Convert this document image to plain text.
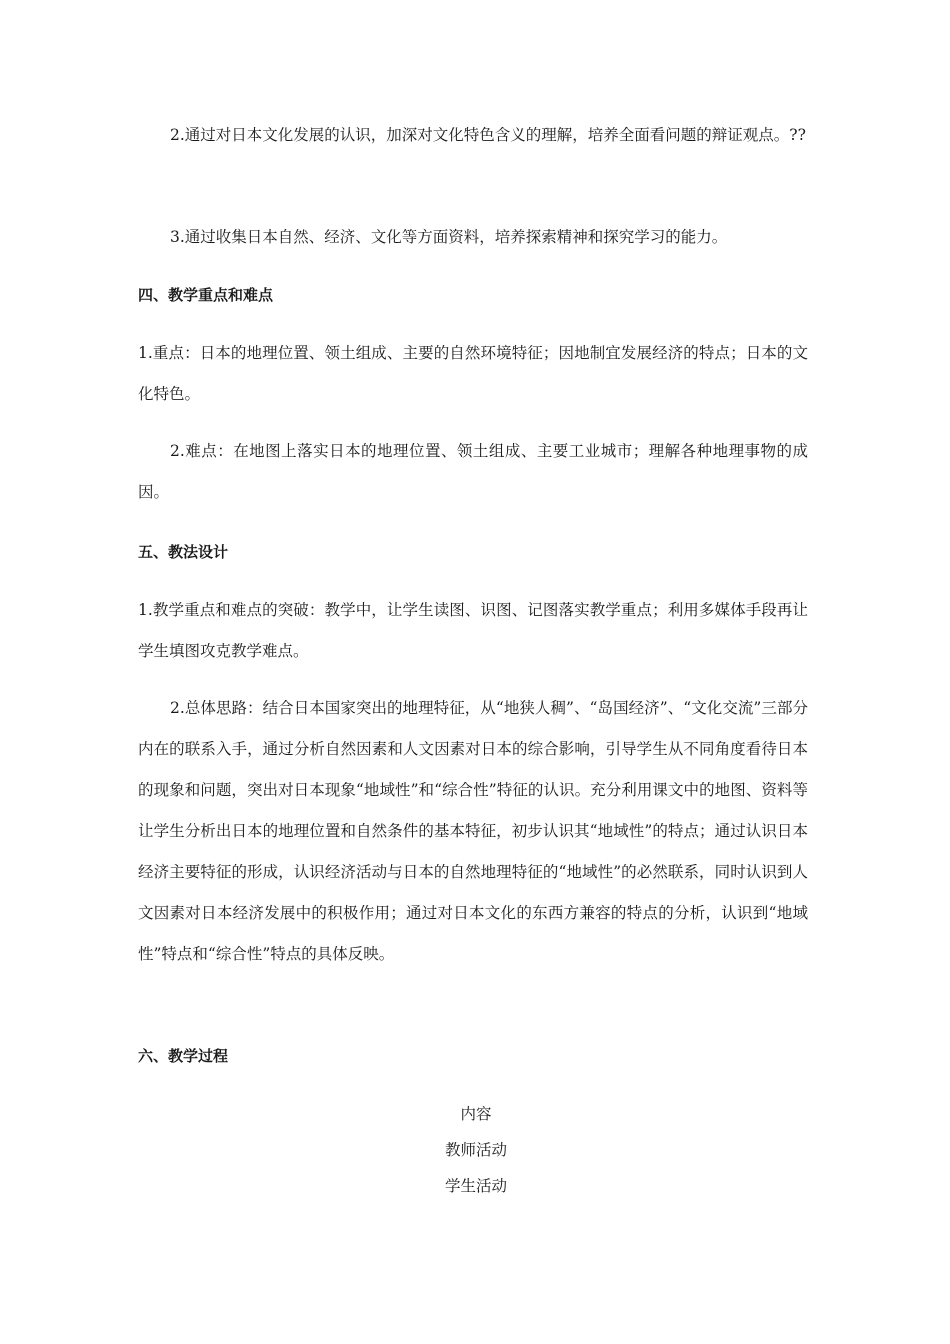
2.通过对日本文化发展的认识，加深对文化特色含义的理解，培养全面看问题的辩证观点。??

3.通过收集日本自然、经济、文化等方面资料，培养探索精神和探究学习的能力。

四、教学重点和难点

1.重点：日本的地理位置、领土组成、主要的自然环境特征；因地制宜发展经济的特点；日本的文化特色。

2.难点：在地图上落实日本的地理位置、领土组成、主要工业城市；理解各种地理事物的成因。

五、教法设计

1.教学重点和难点的突破：教学中，让学生读图、识图、记图落实教学重点；利用多媒体手段再让学生填图攻克教学难点。

2.总体思路：结合日本国家突出的地理特征，从“地狭人稠”、“岛国经济”、“文化交流”三部分内在的联系入手，通过分析自然因素和人文因素对日本的综合影响，引导学生从不同角度看待日本的现象和问题，突出对日本现象“地域性”和“综合性”特征的认识。充分利用课文中的地图、资料等让学生分析出日本的地理位置和自然条件的基本特征，初步认识其“地域性”的特点；通过认识日本经济主要特征的形成，认识经济活动与日本的自然地理特征的“地域性”的必然联系，同时认识到人文因素对日本经济发展中的积极作用；通过对日本文化的东西方兼容的特点的分析，认识到“地域性”特点和“综合性”特点的具体反映。

六、教学过程
内容
教师活动
学生活动
